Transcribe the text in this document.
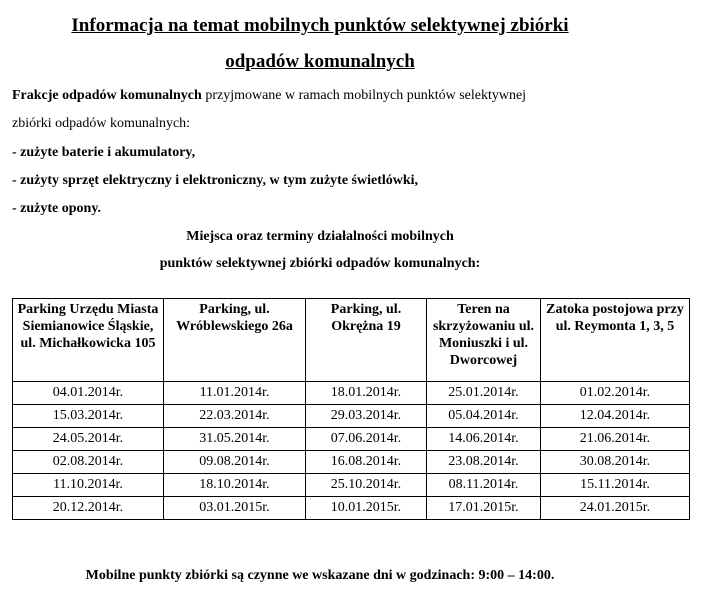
Informacja na temat mobilnych punktów selektywnej zbiórki
odpadów komunalnych

Frakcje odpadów komunalnych przyjmowane w ramach mobilnych punktów selektywnej

zbiórki odpadów komunalnych:

- zużyte baterie i akumulatory,

- zużyty sprzęt elektryczny i elektroniczny, w tym zużyte świetlówki,

- zużyte opony.

Miejsca oraz terminy działalności mobilnych

punktów selektywnej zbiórki odpadów komunalnych:

Parking Urzędu Miasta Siemianowice Śląskie, ul. Michałkowicka 105	Parking, ul. Wróblewskiego 26a	Parking, ul. Okrężna 19	Teren na skrzyżowaniu ul. Moniuszki i ul. Dworcowej	Zatoka postojowa przy ul. Reymonta 1, 3, 5
04.01.2014r.	11.01.2014r.	18.01.2014r.	25.01.2014r.	01.02.2014r.
15.03.2014r.	22.03.2014r.	29.03.2014r.	05.04.2014r.	12.04.2014r.
24.05.2014r.	31.05.2014r.	07.06.2014r.	14.06.2014r.	21.06.2014r.
02.08.2014r.	09.08.2014r.	16.08.2014r.	23.08.2014r.	30.08.2014r.
11.10.2014r.	18.10.2014r.	25.10.2014r.	08.11.2014r.	15.11.2014r.
20.12.2014r.	03.01.2015r.	10.01.2015r.	17.01.2015r.	24.01.2015r.

Mobilne punkty zbiórki są czynne we wskazane dni w godzinach: 9:00 – 14:00.
